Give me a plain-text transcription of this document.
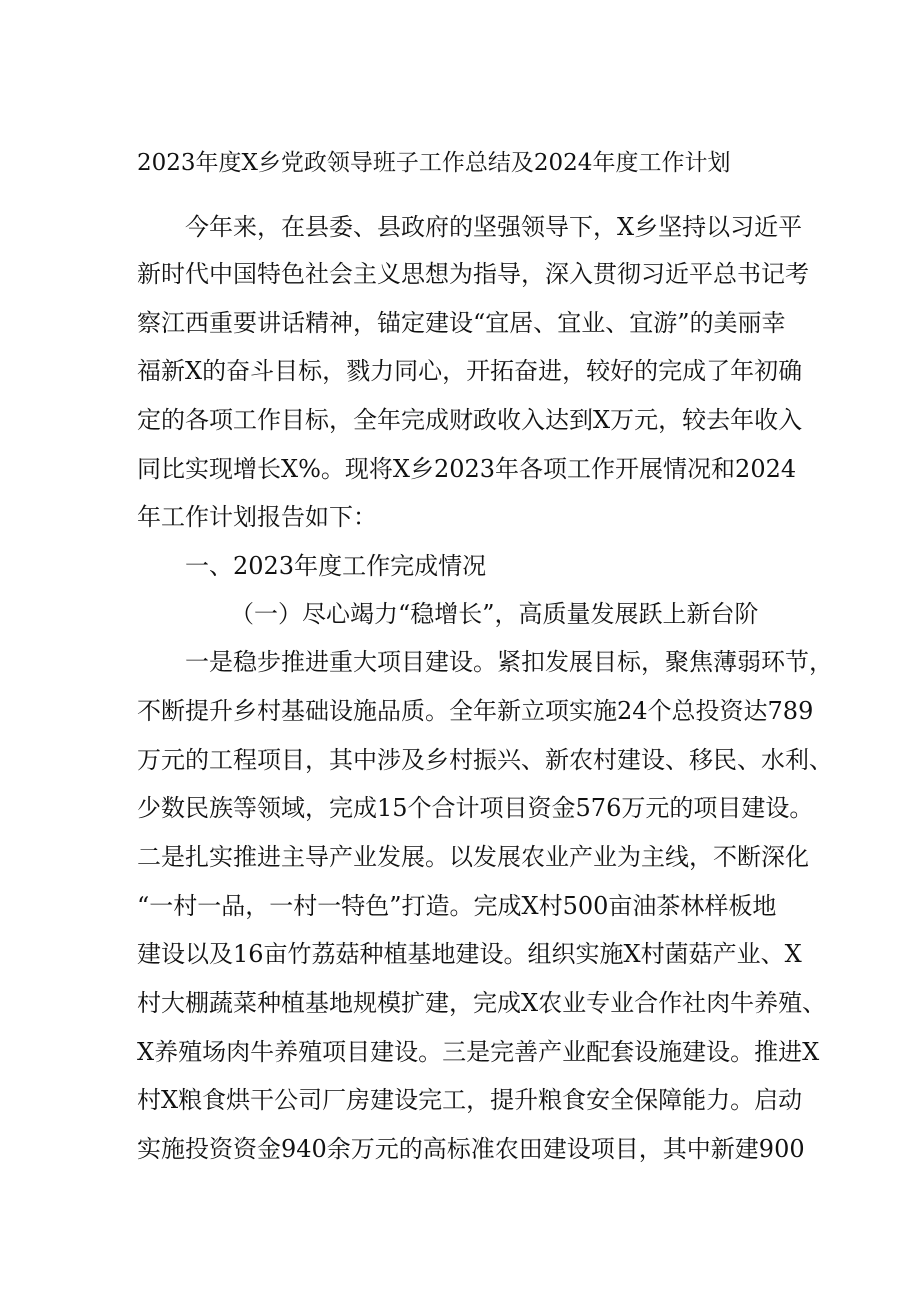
2023年度X乡党政领导班子工作总结及2024年度工作计划
今年来，在县委、县政府的坚强领导下，X乡坚持以习近平
新时代中国特色社会主义思想为指导，深入贯彻习近平总书记考
察江西重要讲话精神，锚定建设“宜居、宜业、宜游”的美丽幸
福新X的奋斗目标，戮力同心，开拓奋进，较好的完成了年初确
定的各项工作目标，全年完成财政收入达到X万元，较去年收入
同比实现增长X%。现将X乡2023年各项工作开展情况和2024
年工作计划报告如下：
一、2023年度工作完成情况
（一）尽心竭力“稳增长”，高质量发展跃上新台阶
一是稳步推进重大项目建设。紧扣发展目标，聚焦薄弱环节，
不断提升乡村基础设施品质。全年新立项实施24个总投资达789
万元的工程项目，其中涉及乡村振兴、新农村建设、移民、水利、
少数民族等领域，完成15个合计项目资金576万元的项目建设。
二是扎实推进主导产业发展。以发展农业产业为主线，不断深化
“一村一品，一村一特色”打造。完成X村500亩油茶林样板地
建设以及16亩竹荔菇种植基地建设。组织实施X村菌菇产业、X
村大棚蔬菜种植基地规模扩建，完成X农业专业合作社肉牛养殖、
X养殖场肉牛养殖项目建设。三是完善产业配套设施建设。推进X
村X粮食烘干公司厂房建设完工，提升粮食安全保障能力。启动
实施投资资金940余万元的高标准农田建设项目，其中新建900
